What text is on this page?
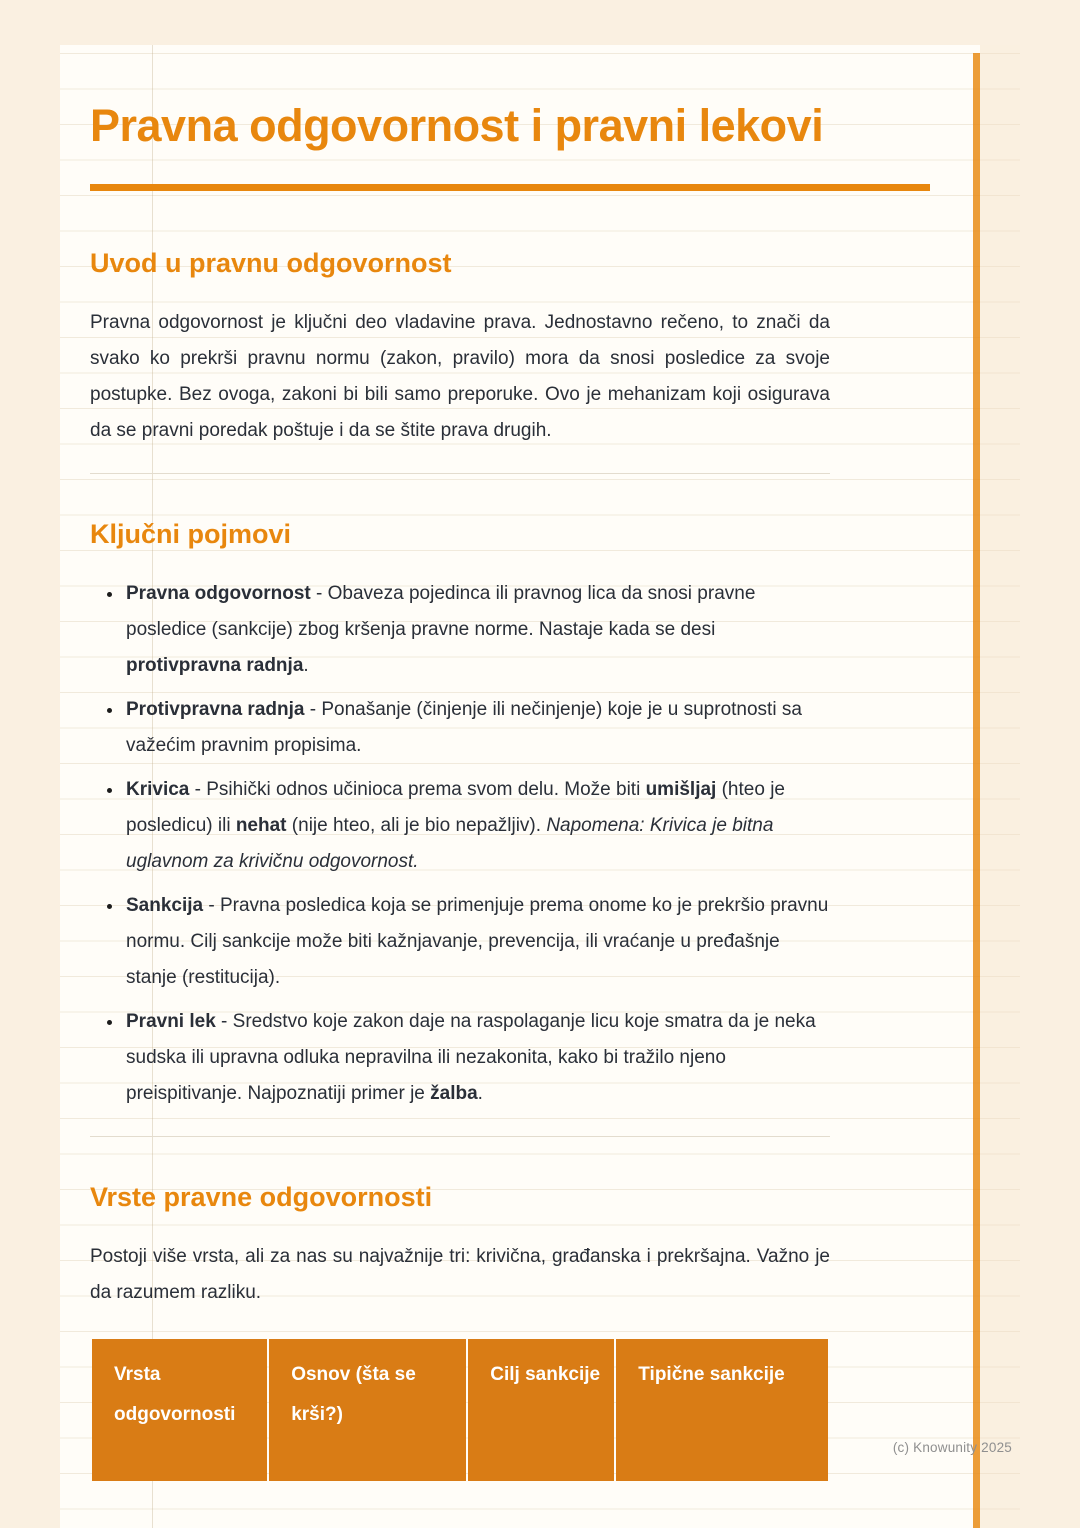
Pravna odgovornost i pravni lekovi
Uvod u pravnu odgovornost

Pravna odgovornost je ključni deo vladavine prava. Jednostavno rečeno, to znači da svako ko prekrši pravnu normu (zakon, pravilo) mora da snosi posledice za svoje postupke. Bez ovoga, zakoni bi bili samo preporuke. Ovo je mehanizam koji osigurava da se pravni poredak poštuje i da se štite prava drugih.

Ključni pojmovi
• Pravna odgovornost - Obaveza pojedinca ili pravnog lica da snosi pravne posledice (sankcije) zbog kršenja pravne norme. Nastaje kada se desi protivpravna radnja.
• Protivpravna radnja - Ponašanje (činjenje ili nečinjenje) koje je u suprotnosti sa važećim pravnim propisima.
• Krivica - Psihički odnos učinioca prema svom delu. Može biti umišljaj (hteo je posledicu) ili nehat (nije hteo, ali je bio nepažljiv). Napomena: Krivica je bitna uglavnom za krivičnu odgovornost.
• Sankcija - Pravna posledica koja se primenjuje prema onome ko je prekršio pravnu normu. Cilj sankcije može biti kažnjavanje, prevencija, ili vraćanje u pređašnje stanje (restitucija).
• Pravni lek - Sredstvo koje zakon daje na raspolaganje licu koje smatra da je neka sudska ili upravna odluka nepravilna ili nezakonita, kako bi tražilo njeno preispitivanje. Najpoznatiji primer je žalba.
Vrste pravne odgovornosti

Postoji više vrsta, ali za nas su najvažnije tri: krivična, građanska i prekršajna. Važno je da razumem razliku.

Vrsta odgovornosti	Osnov (šta se krši?)	Cilj sankcije	Tipične sankcije
(c) Knowunity 2025
